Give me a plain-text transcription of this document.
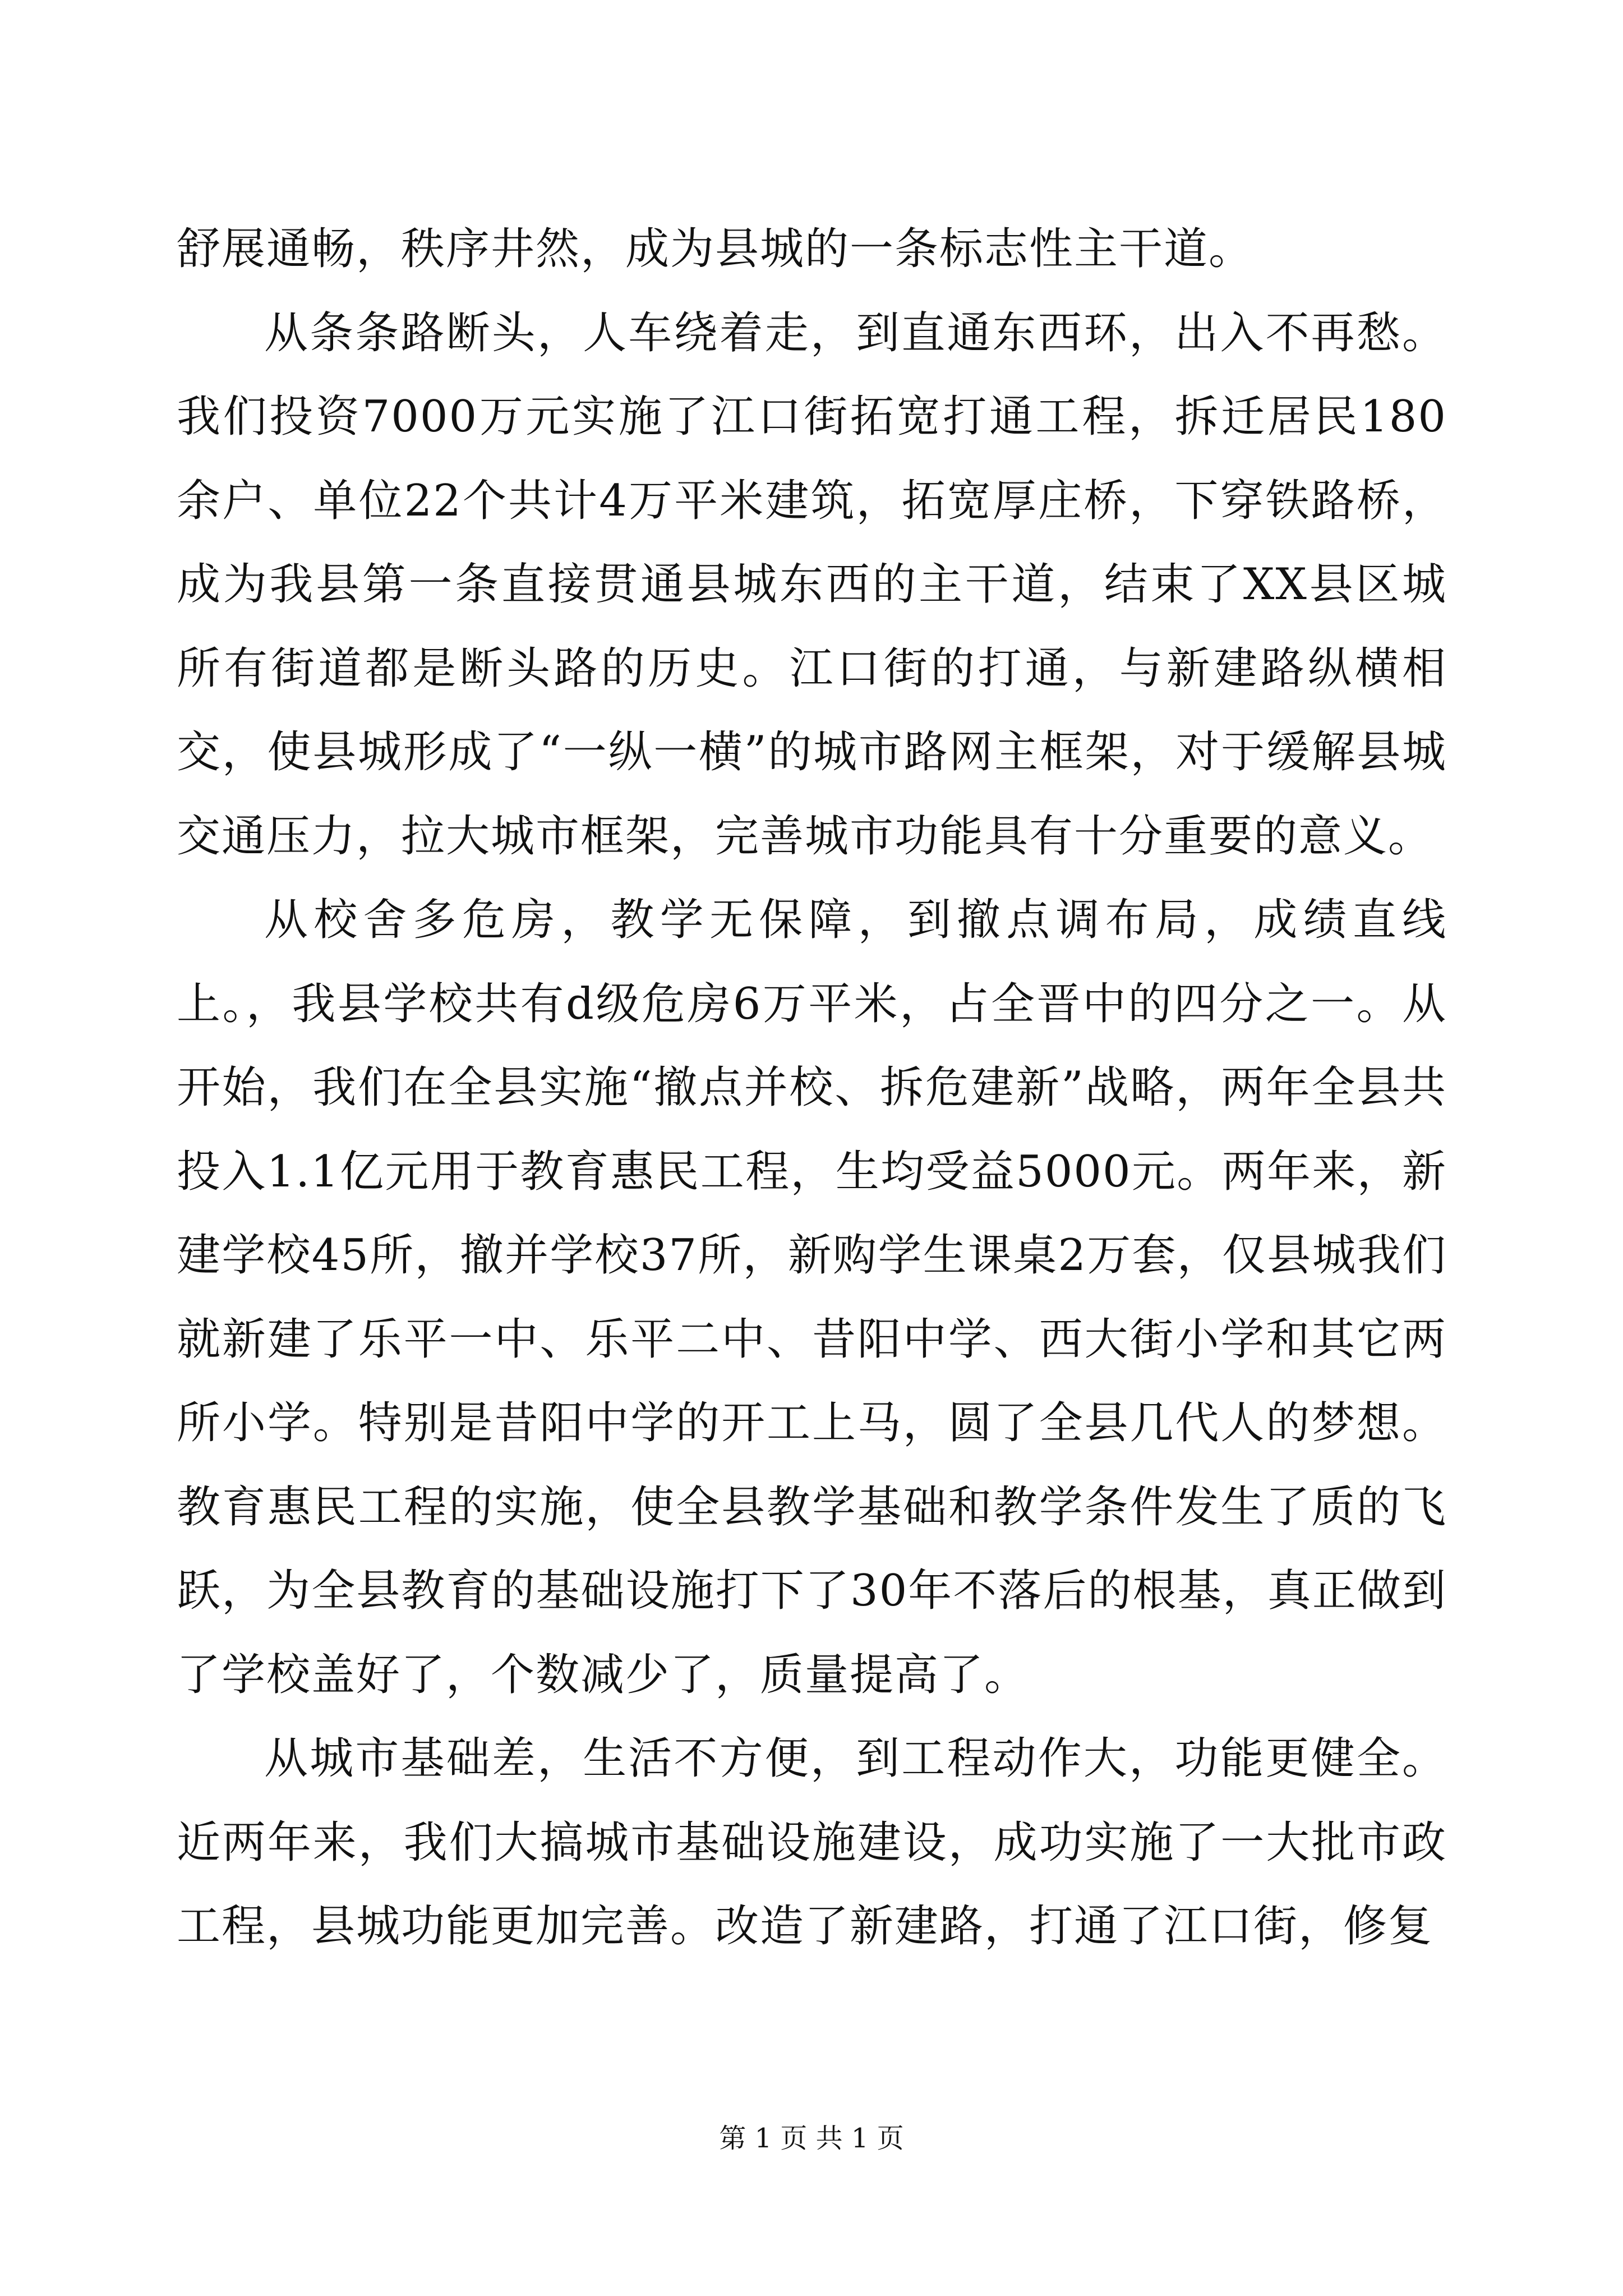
舒展通畅，秩序井然，成为县城的一条标志性主干道。

从条条路断头，人车绕着走，到直通东西环，出入不再愁。我们投资7000万元实施了江口街拓宽打通工程，拆迁居民180余户、单位22个共计4万平米建筑，拓宽厚庄桥，下穿铁路桥，成为我县第一条直接贯通县城东西的主干道，结束了XX县区城所有街道都是断头路的历史。江口街的打通，与新建路纵横相交，使县城形成了“一纵一横”的城市路网主框架，对于缓解县城交通压力，拉大城市框架，完善城市功能具有十分重要的意义。

从校舍多危房，教学无保障，到撤点调布局，成绩直线上。，我县学校共有d级危房6万平米，占全晋中的四分之一。从开始，我们在全县实施“撤点并校、拆危建新”战略，两年全县共投入1.1亿元用于教育惠民工程，生均受益5000元。两年来，新建学校45所，撤并学校37所，新购学生课桌2万套，仅县城我们就新建了乐平一中、乐平二中、昔阳中学、西大街小学和其它两所小学。特别是昔阳中学的开工上马，圆了全县几代人的梦想。教育惠民工程的实施，使全县教学基础和教学条件发生了质的飞跃，为全县教育的基础设施打下了30年不落后的根基，真正做到了学校盖好了，个数减少了，质量提高了。

从城市基础差，生活不方便，到工程动作大，功能更健全。近两年来，我们大搞城市基础设施建设，成功实施了一大批市政工程，县城功能更加完善。改造了新建路，打通了江口街，修复

第 1 页 共 1 页
